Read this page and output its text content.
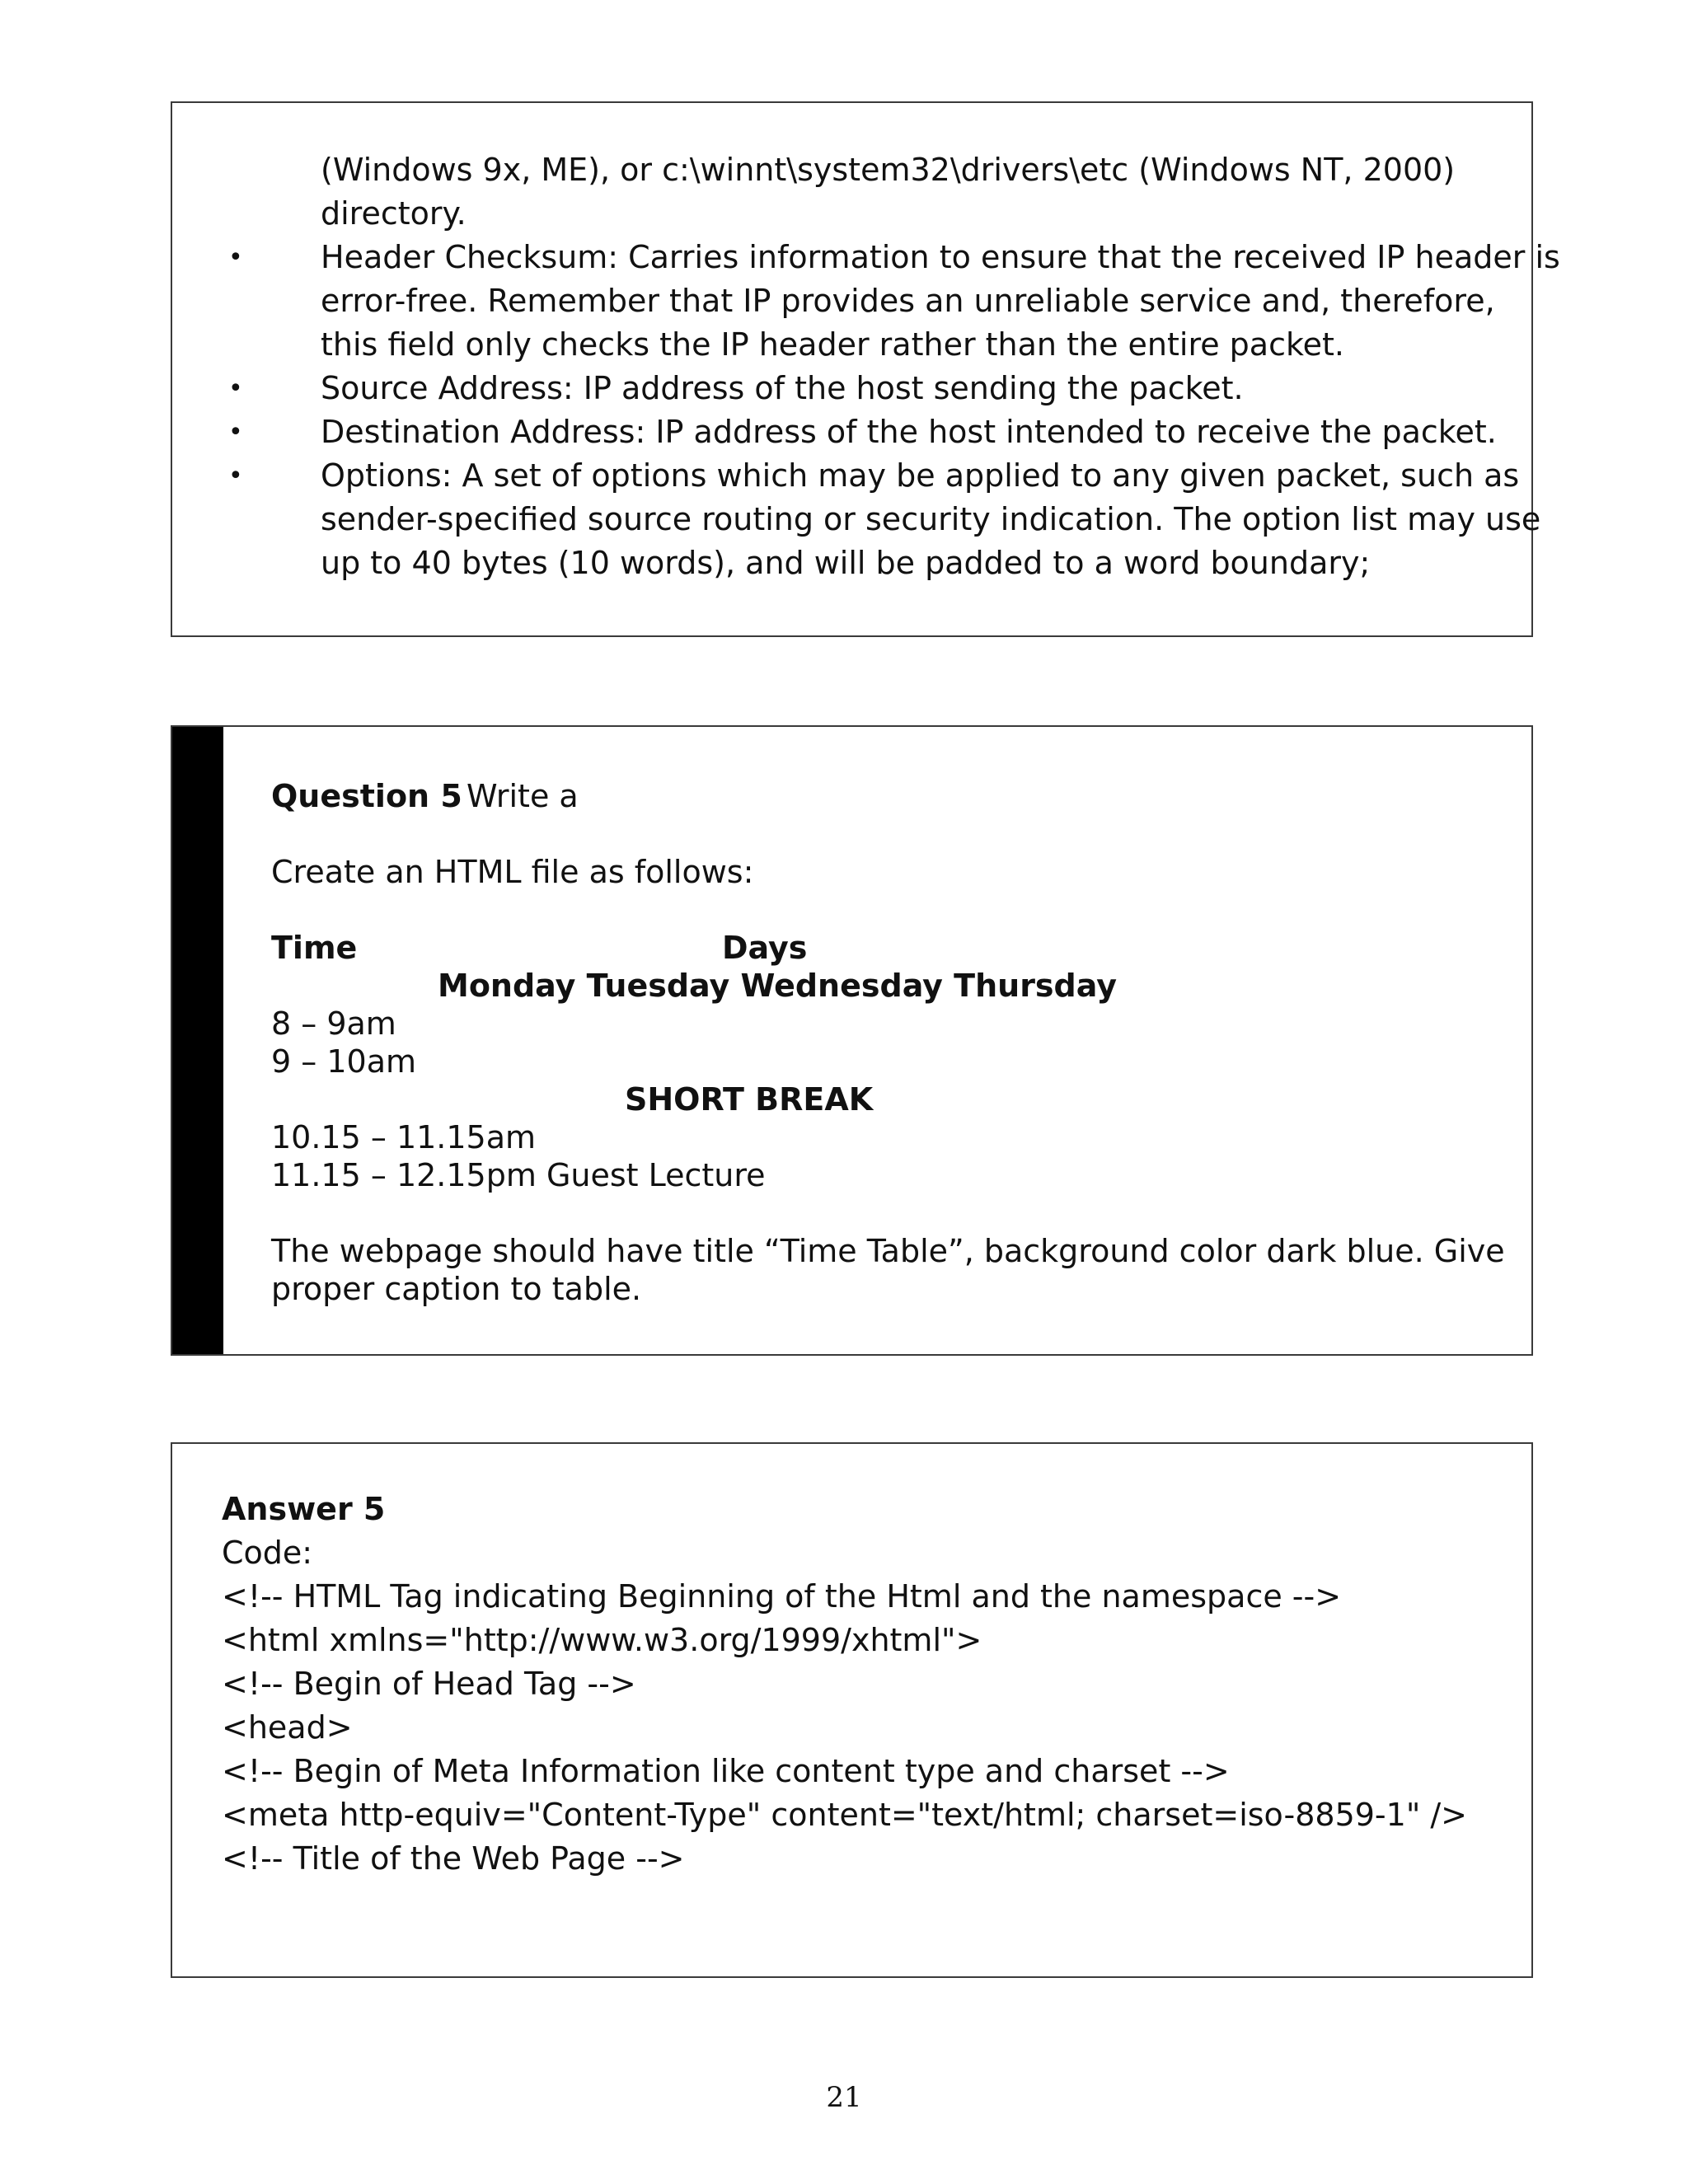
(Windows 9x, ME), or c:\winnt\system32\drivers\etc (Windows NT, 2000)
directory.
• Header Checksum: Carries information to ensure that the received IP header is
error-free. Remember that IP provides an unreliable service and, therefore,
this field only checks the IP header rather than the entire packet.
• Source Address: IP address of the host sending the packet.
• Destination Address: IP address of the host intended to receive the packet.
• Options: A set of options which may be applied to any given packet, such as
sender-specified source routing or security indication. The option list may use
up to 40 bytes (10 words), and will be padded to a word boundary;
Question 5 Write a
Create an HTML file as follows:
Time	Days
Monday Tuesday Wednesday Thursday
8 – 9am
9 – 10am
SHORT BREAK
10.15 – 11.15am
11.15 – 12.15pm Guest Lecture
The webpage should have title “Time Table”, background color dark blue. Give
proper caption to table.
Answer 5
Code:
<!-- HTML Tag indicating Beginning of the Html and the namespace -->
<html xmlns="http://www.w3.org/1999/xhtml">
<!-- Begin of Head Tag -->
<head>
<!-- Begin of Meta Information like content type and charset -->
<meta http-equiv="Content-Type" content="text/html; charset=iso-8859-1" />
<!-- Title of the Web Page -->
21
